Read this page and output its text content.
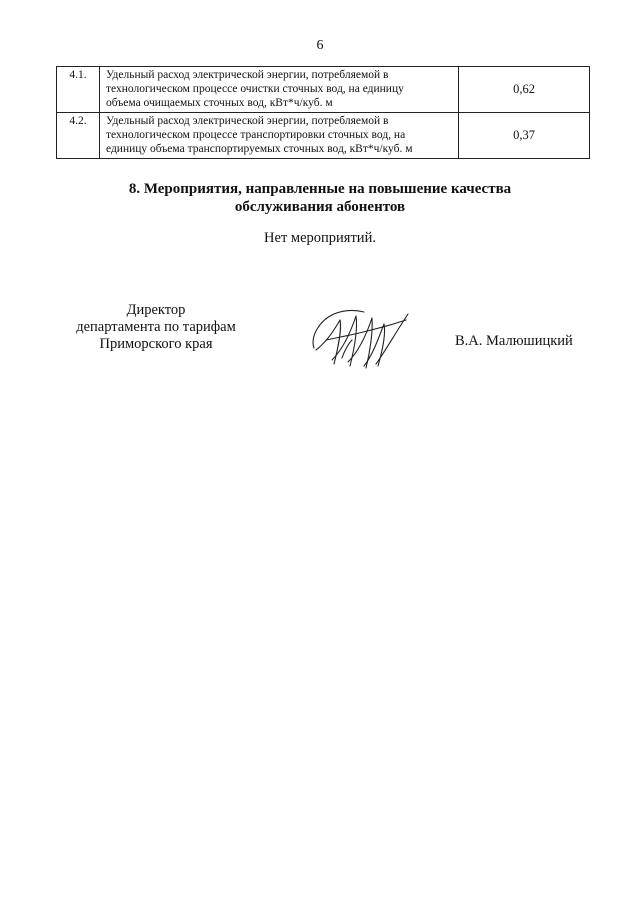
6
4.1.	Удельный расход электрической энергии, потребляемой в
технологическом процессе очистки сточных вод, на единицу
объема очищаемых сточных вод, кВт*ч/куб. м	0,62
4.2.	Удельный расход электрической энергии, потребляемой в
технологическом процессе транспортировки сточных вод, на
единицу объема транспортируемых сточных вод, кВт*ч/куб. м	0,37
8. Мероприятия, направленные на повышение качества
обслуживания абонентов
Нет мероприятий.
Директор
департамента по тарифам
Приморского края	В.А. Малюшицкий
